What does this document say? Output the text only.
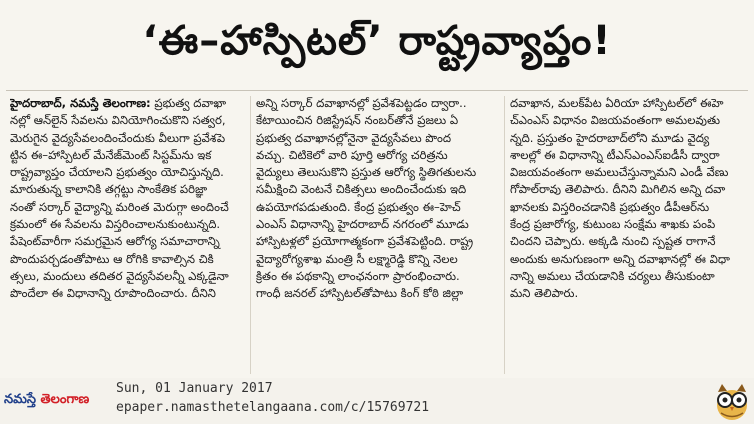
‘ఈ–హాస్పిటల్’ రాష్ట్రవ్యాప్తం!
హైదరాబాద్, నమస్తే తెలంగాణ: ప్రభుత్వ దవాఖా
నల్లో ఆన్‌లైన్ సేవలను వినియోగించుకొని సత్వర,
మెరుగైన వైద్యసేవలందించేందుకు వీలుగా ప్రవేశపె
ట్టిన ఈ–హాస్పిటల్ మేనేజ్‌మెంట్ సిస్టమ్‌ను ఇక
రాష్ట్రవ్యాప్తం చేయాలని ప్రభుత్వం యోచిస్తున్నది.
మారుతున్న కాలానికి తగ్గట్టు సాంకేతిక పరిజ్ఞా
నంతో సర్కార్ వైద్యాన్ని మరింత మెరుగ్గా అందించే
క్రమంలో ఈ సేవలను విస్తరించాలనుకుంటున్నది.
పేషెంట్‌వారీగా సమగ్రమైన ఆరోగ్య సమాచారాన్ని
పొందుపర్చడంతోపాటు ఆ రోగికి కావాల్సిన చికి
త్సలు, మందులు తదితర వైద్యసేవలన్నీ ఎక్కడైనా
పొందేలా ఈ విధానాన్ని రూపొందించారు. దీనిని
అన్ని సర్కార్ దవాఖానల్లో ప్రవేశపెట్టడం ద్వారా..
కేటాయించిన రిజిస్ట్రేషన్ నంబర్‌తోనే ప్రజలు ఏ
ప్రభుత్వ దవాఖానల్లోనైనా వైద్యసేవలు పొంద
వచ్చు. చిటికెలో వారి పూర్తి ఆరోగ్య చరిత్రను
వైద్యులు తెలుసుకొని ప్రస్తుత ఆరోగ్య స్థితిగతులను
సమీక్షించి వెంటనే చికిత్సలు అందించేందుకు ఇది
ఉపయోగపడుతుంది. కేంద్ర ప్రభుత్వం ఈ–హెచ్
ఎంఎస్ విధానాన్ని హైదరాబాద్ నగరంలో మూడు
హాస్పిటళ్లలో ప్రయోగాత్మకంగా ప్రవేశపెట్టింది. రాష్ట్ర
వైద్యారోగ్యశాఖ మంత్రి సీ లక్ష్మారెడ్డి కొన్ని నెలల
క్రితం ఈ పథకాన్ని లాంఛనంగా ప్రారంభించారు.
గాంధీ జనరల్ హాస్పిటల్‌తోపాటు కింగ్ కోఠి జిల్లా
దవాఖాన, మలక్‌పేట ఏరియా హాస్పిటల్‌లో ఈహె
చ్‌ఎంఎస్ విధానం విజయవంతంగా అమలవుతు
న్నది. ప్రస్తుతం హైదరాబాద్‌లోని మూడు వైద్య
శాలల్లో ఈ విధానాన్ని టీఎస్‌ఎంఎస్‌ఐడీసీ ద్వారా
విజయవంతంగా అమలుచేస్తున్నామని ఎండీ వేణు
గోపాల్‌రావు తెలిపారు. దీనిని మిగిలిన అన్ని దవా
ఖానలకు విస్తరించడానికి ప్రభుత్వం డీపీఆర్‌ను
కేంద్ర ప్రజారోగ్య, కుటుంబ సంక్షేమ శాఖకు పంపి
చిందని చెప్పారు. అక్కడి నుంచి స్పష్టత రాగానే
అందుకు అనుగుణంగా అన్ని దవాఖానల్లో ఈ విధా
నాన్ని అమలు చేయడానికి చర్యలు తీసుకుంటా
మని తెలిపారు.
నమస్తే తెలంగాణ
Sun, 01 January 2017
epaper.namasthetelangaana.com/c/15769721
